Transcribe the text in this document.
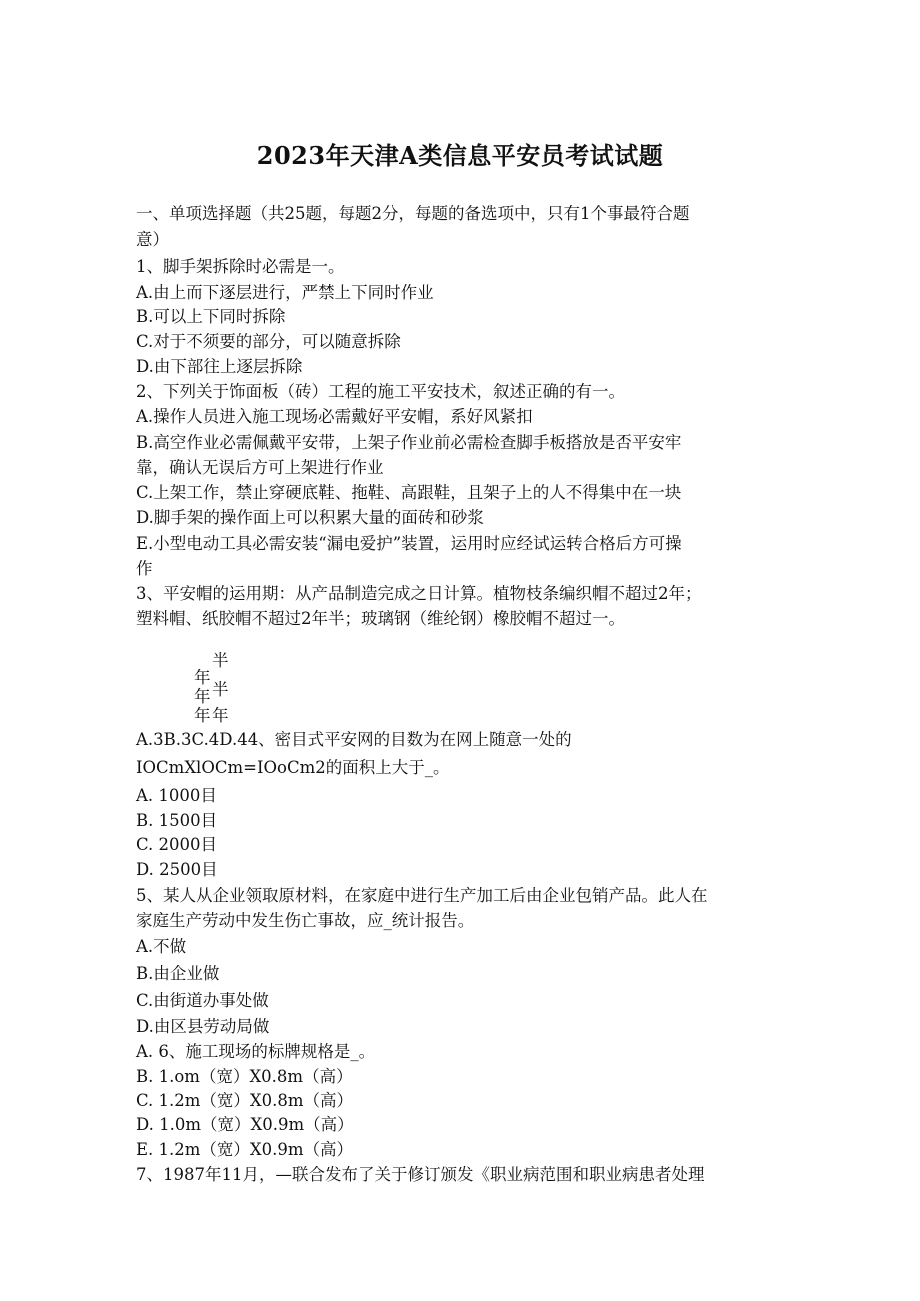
2023年天津A类信息平安员考试试题
一、单项选择题（共25题，每题2分，每题的备选项中，只有1个事最符合题
意）
1、脚手架拆除时必需是一。
A.由上而下逐层进行，严禁上下同时作业
B.可以上下同时拆除
C.对于不须要的部分，可以随意拆除
D.由下部往上逐层拆除
2、下列关于饰面板（砖）工程的施工平安技术，叙述正确的有一。
A.操作人员进入施工现场必需戴好平安帽，系好风紧扣
B.高空作业必需佩戴平安带，上架子作业前必需检查脚手板搭放是否平安牢
靠，确认无误后方可上架进行作业
C.上架工作，禁止穿硬底鞋、拖鞋、高跟鞋，且架子上的人不得集中在一块
D.脚手架的操作面上可以积累大量的面砖和砂浆
E.小型电动工具必需安装“漏电爱护”装置，运用时应经试运转合格后方可操
作
3、平安帽的运用期：从产品制造完成之日计算。植物枝条编织帽不超过2年；
塑料帽、纸胶帽不超过2年半；玻璃钢（维纶钢）橡胶帽不超过一。
半
年
半
年
年 年
A.3B.3C.4D.44、密目式平安网的目数为在网上随意一处的
IOCmXlOCm=IOoCm2的面积上大于_。
A. 1000目
B. 1500目
C. 2000目
D. 2500目
5、某人从企业领取原材料，在家庭中进行生产加工后由企业包销产品。此人在
家庭生产劳动中发生伤亡事故，应_统计报告。
A.不做
B.由企业做
C.由街道办事处做
D.由区县劳动局做
A. 6、施工现场的标牌规格是_。
B. 1.om（宽）X0.8m（高）
C. 1.2m（宽）X0.8m（高）
D. 1.0m（宽）X0.9m（高）
E. 1.2m（宽）X0.9m（高）
7、1987年11月，—联合发布了关于修订颁发《职业病范围和职业病患者处理
